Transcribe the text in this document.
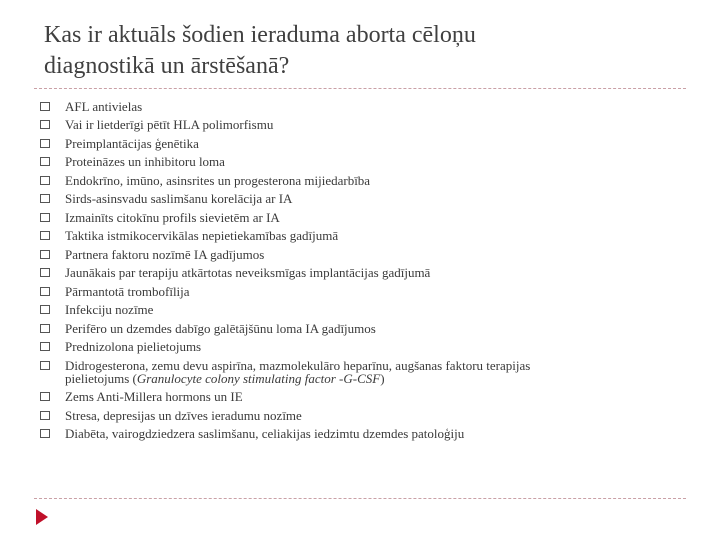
Kas ir aktuāls šodien ieraduma aborta cēloņu
diagnostikā un ārstēšanā?
AFL antivielas
Vai ir lietderīgi pētīt HLA polimorfismu
Preimplantācijas ģenētika
Proteināzes un inhibitoru loma
Endokrīno, imūno, asinsrites un progesterona mijiedarbība
Sirds-asinsvadu saslimšanu korelācija ar IA
Izmainīts citokīnu profils sievietēm ar IA
Taktika istmikocervikālas nepietiekamības gadījumā
Partnera faktoru nozīmē IA gadījumos
Jaunākais par terapiju atkārtotas neveiksmīgas implantācijas gadījumā
Pārmantotā trombofīlija
Infekciju nozīme
Perifēro un dzemdes dabīgo galētājšūnu loma IA gadījumos
Prednizolona pielietojums
Didrogesterona, zemu devu aspirīna, mazmolekulāro heparīnu, augšanas faktoru terapijas
pielietojums (Granulocyte colony stimulating factor -G-CSF)
Zems Anti-Millera hormons un IE
Stresa, depresijas un dzīves ieradumu nozīme
Diabēta, vairogdziedzera saslimšanu, celiakijas iedzimtu dzemdes patoloģiju
